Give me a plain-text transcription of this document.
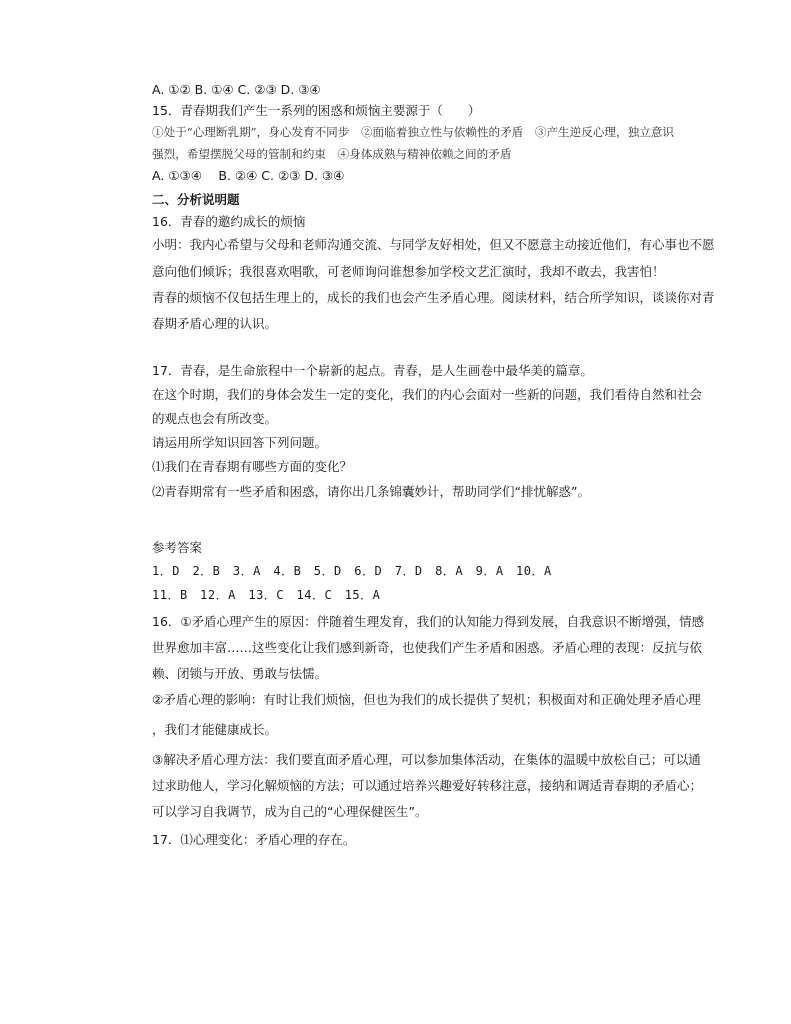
A. ①② B. ①④ C. ②③ D. ③④
15．青春期我们产生一系列的困惑和烦恼主要源于（　　）
①处于“心理断乳期”，身心发育不同步　②面临着独立性与依赖性的矛盾　③产生逆反心理，独立意识
强烈，希望摆脱父母的管制和约束　④身体成熟与精神依赖之间的矛盾
A. ①③④　 B. ②④ C. ②③ D. ③④
二、分析说明题
16．青春的邀约成长的烦恼
小明：我内心希望与父母和老师沟通交流、与同学友好相处，但又不愿意主动接近他们，有心事也不愿
意向他们倾诉；我很喜欢唱歌，可老师询问谁想参加学校文艺汇演时，我却不敢去，我害怕！
青春的烦恼不仅包括生理上的，成长的我们也会产生矛盾心理。阅读材料，结合所学知识，谈谈你对青
春期矛盾心理的认识。
17．青春，是生命旅程中一个崭新的起点。青春，是人生画卷中最华美的篇章。
在这个时期，我们的身体会发生一定的变化，我们的内心会面对一些新的问题，我们看待自然和社会
的观点也会有所改变。
请运用所学知识回答下列问题。
⑴我们在青春期有哪些方面的变化？
⑵青春期常有一些矛盾和困惑，请你出几条锦囊妙计，帮助同学们“排忧解惑”。
参考答案
1．D　2．B　3．A　4．B　5．D　6．D　7．D　8．A　9．A　10．A
11．B　12．A　13．C　14．C　15．A
16．①矛盾心理产生的原因：伴随着生理发育，我们的认知能力得到发展，自我意识不断增强，情感
世界愈加丰富……这些变化让我们感到新奇，也使我们产生矛盾和困惑。矛盾心理的表现：反抗与依
赖、闭锁与开放、勇敢与怯懦。
②矛盾心理的影响：有时让我们烦恼，但也为我们的成长提供了契机；积极面对和正确处理矛盾心理
，我们才能健康成长。
③解决矛盾心理方法：我们要直面矛盾心理，可以参加集体活动，在集体的温暖中放松自己；可以通
过求助他人，学习化解烦恼的方法；可以通过培养兴趣爱好转移注意，接纳和调适青春期的矛盾心；
可以学习自我调节，成为自己的“心理保健医生”。
17．⑴心理变化：矛盾心理的存在。
